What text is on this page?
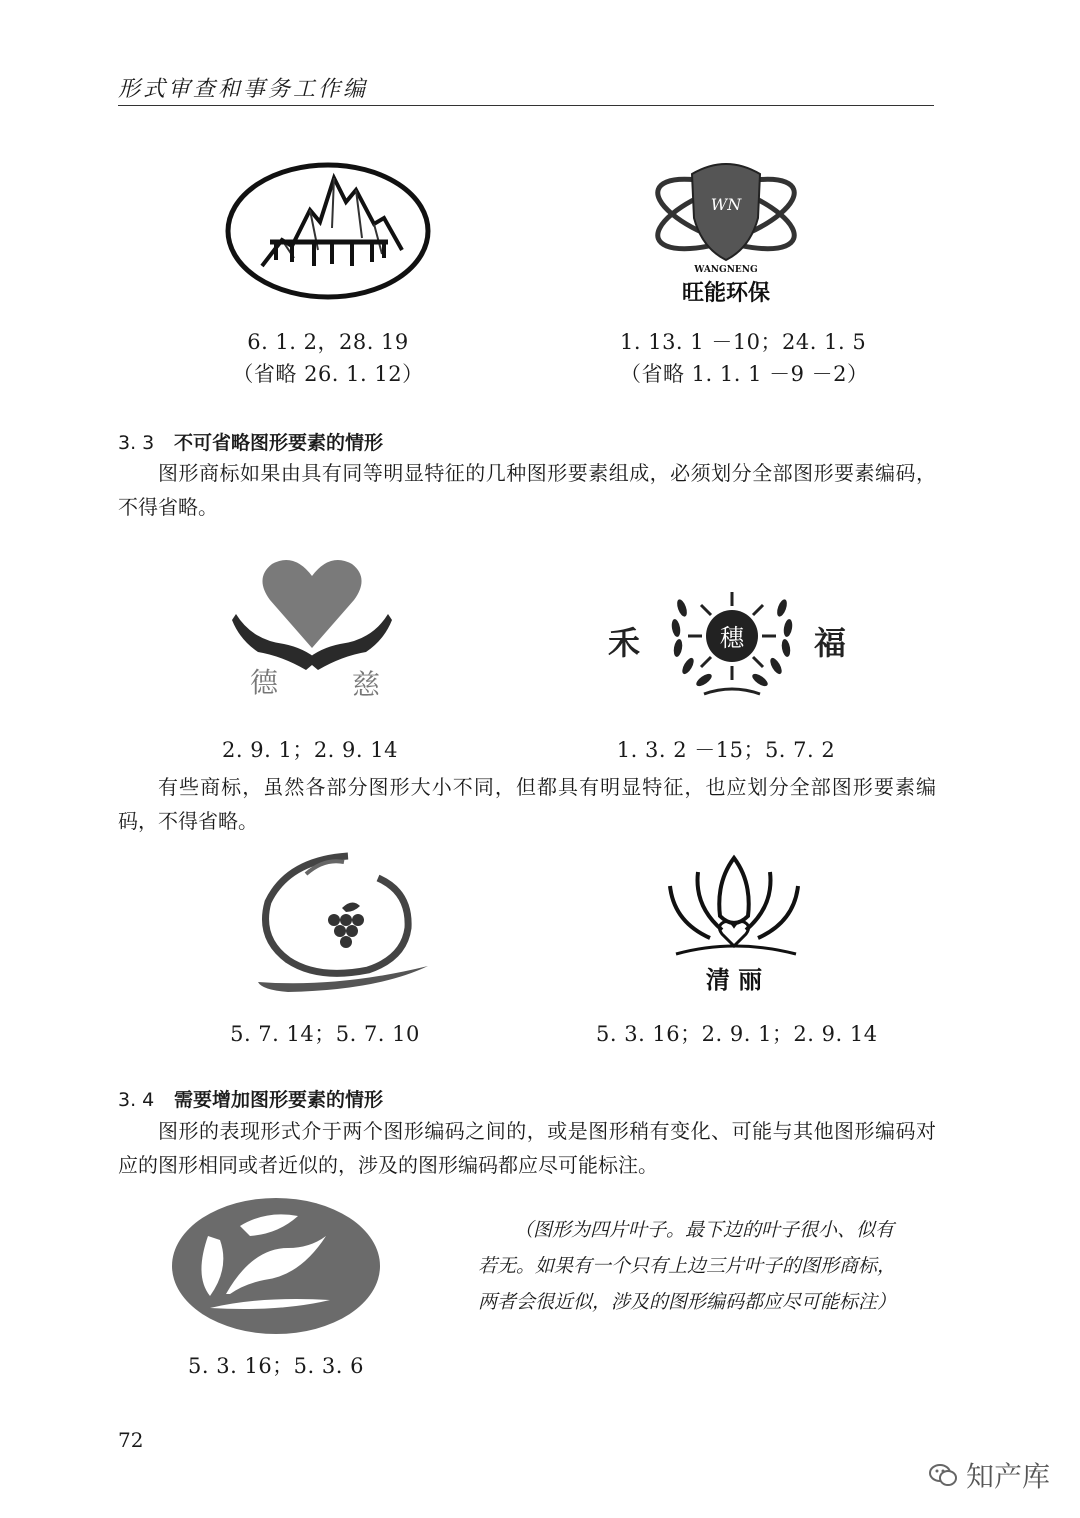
形式审查和事务工作编
6. 1. 2，28. 19
（省略 26. 1. 12）
WN
WANGNENG
旺能环保
1. 13. 1 －10；24. 1. 5
（省略 1. 1. 1 －9 －2）
3. 3 不可省略图形要素的情形
图形商标如果由具有同等明显特征的几种图形要素组成，必须划分全部图形要素编码，不得省略。
德	慈
2. 9. 1；2. 9. 14
穗
禾	福
1. 3. 2 －15；5. 7. 2
有些商标，虽然各部分图形大小不同，但都具有明显特征，也应划分全部图形要素编码，不得省略。
5. 7. 14；5. 7. 10
清 丽
5. 3. 16；2. 9. 1；2. 9. 14
3. 4 需要增加图形要素的情形
图形的表现形式介于两个图形编码之间的，或是图形稍有变化、可能与其他图形编码对应的图形相同或者近似的，涉及的图形编码都应尽可能标注。
5. 3. 16；5. 3. 6
（图形为四片叶子。最下边的叶子很小、似有若无。如果有一个只有上边三片叶子的图形商标，两者会很近似，涉及的图形编码都应尽可能标注）
72
知产库
